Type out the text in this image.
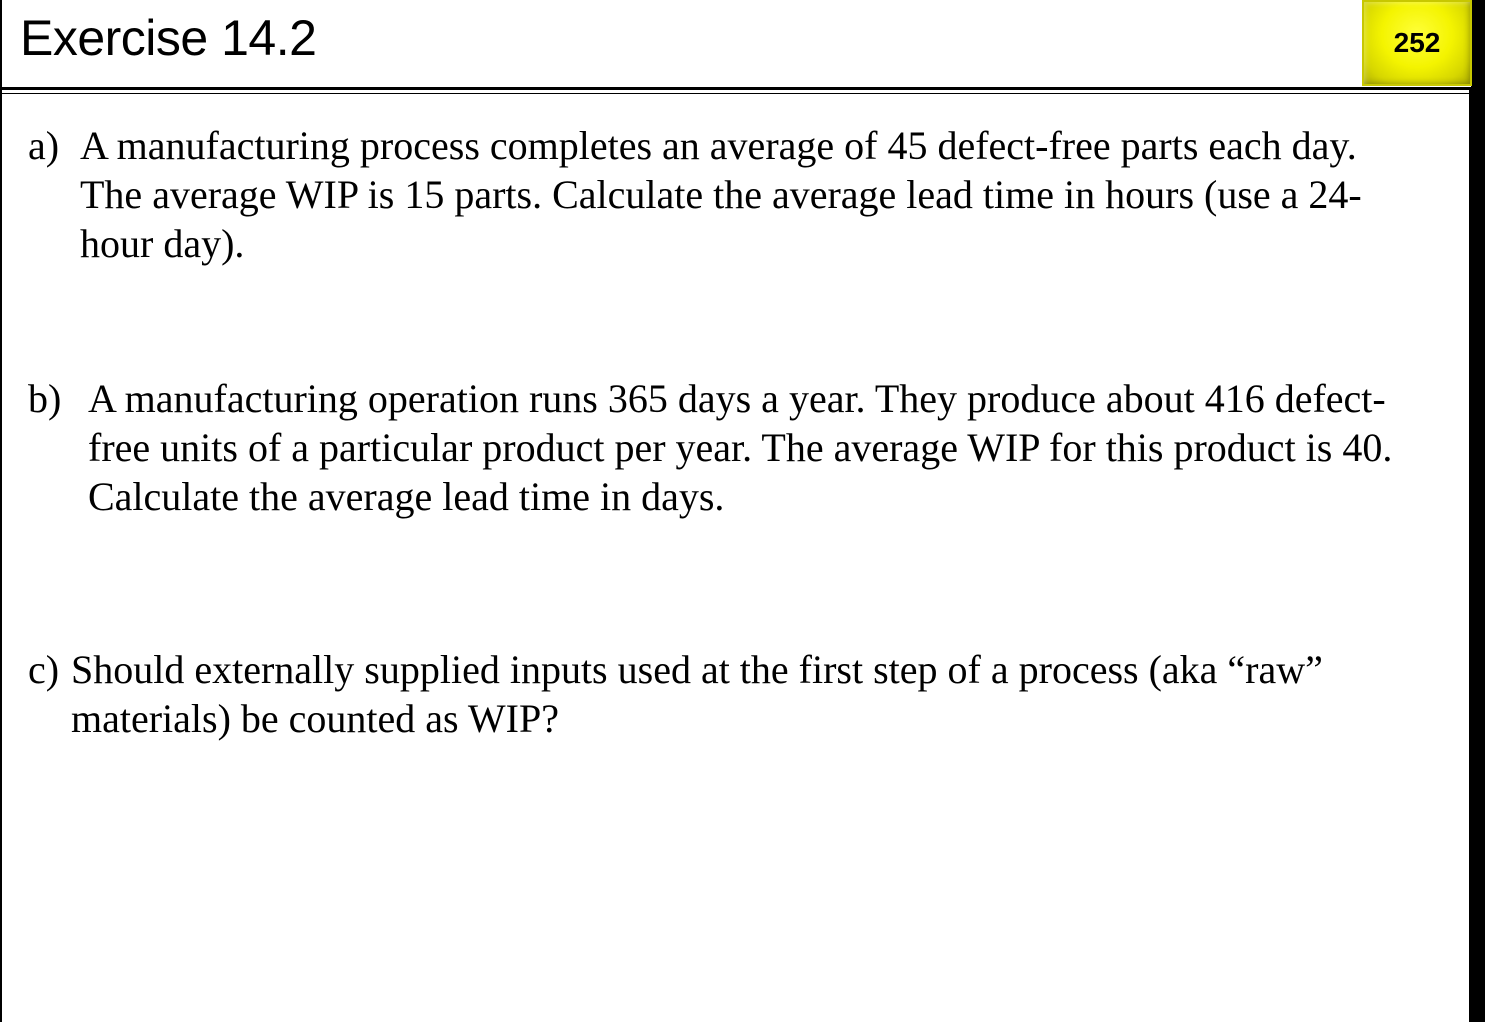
Exercise 14.2	252
a) A manufacturing process completes an average of 45 defect-free parts each day. The average WIP is 15 parts. Calculate the average lead time in hours (use a 24-hour day).
b) A manufacturing operation runs 365 days a year. They produce about 416 defect-free units of a particular product per year. The average WIP for this product is 40. Calculate the average lead time in days.
c) Should externally supplied inputs used at the first step of a process (aka “raw” materials) be counted as WIP?
